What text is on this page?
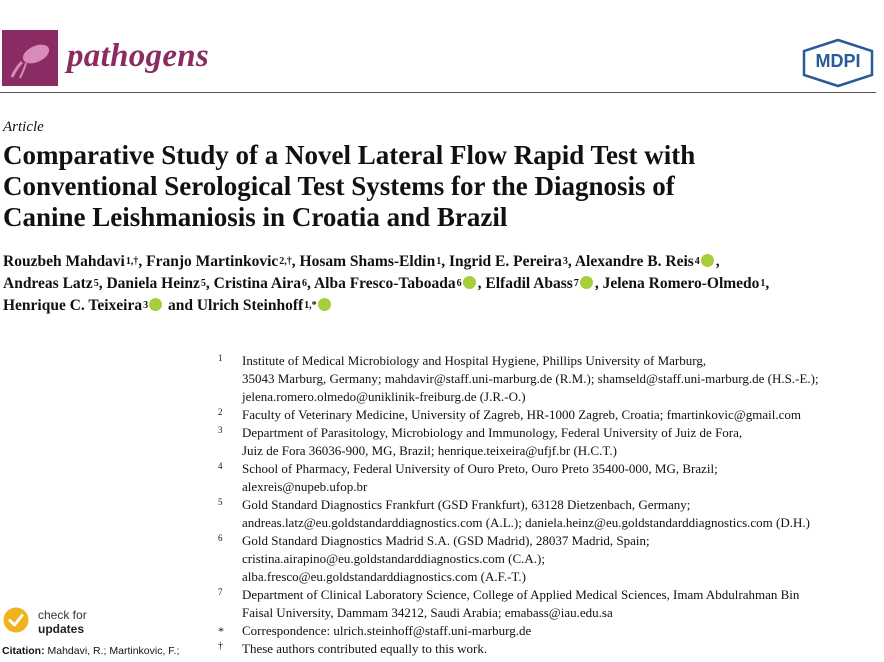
pathogens	MDPI
Article
Comparative Study of a Novel Lateral Flow Rapid Test with
Conventional Serological Test Systems for the Diagnosis of
Canine Leishmaniosis in Croatia and Brazil
Rouzbeh Mahdavi$^{1,\dagger}$, Franjo Martinkovic$^{2,\dagger}$, Hosam Shams-Eldin$^1$, Ingrid E. Pereira$^3$, Alexandre B. Reis$^4$ ,
Andreas Latz$^5$, Daniela Heinz$^5$, Cristina Aira$^6$, Alba Fresco-Taboada$^6$ , Elfadil Abass$^7$ , Jelena Romero-Olmedo$^1$,
Henrique C. Teixeira$^3$ and Ulrich Steinhoff$^{1,*}$
1	Institute of Medical Microbiology and Hospital Hygiene, Phillips University of Marburg,
35043 Marburg, Germany; mahdavir@staff.uni-marburg.de (R.M.); shamseld@staff.uni-marburg.de (H.S.-E.);
jelena.romero.olmedo@uniklinik-freiburg.de (J.R.-O.)
2	Faculty of Veterinary Medicine, University of Zagreb, HR-1000 Zagreb, Croatia; fmartinkovic@gmail.com
3	Department of Parasitology, Microbiology and Immunology, Federal University of Juiz de Fora,
Juiz de Fora 36036-900, MG, Brazil; henrique.teixeira@ufjf.br (H.C.T.)
4	School of Pharmacy, Federal University of Ouro Preto, Ouro Preto 35400-000, MG, Brazil;
alexreis@nupeb.ufop.br
5	Gold Standard Diagnostics Frankfurt (GSD Frankfurt), 63128 Dietzenbach, Germany;
andreas.latz@eu.goldstandarddiagnostics.com (A.L.); daniela.heinz@eu.goldstandarddiagnostics.com (D.H.)
6	Gold Standard Diagnostics Madrid S.A. (GSD Madrid), 28037 Madrid, Spain;
cristina.airapino@eu.goldstandarddiagnostics.com (C.A.);
alba.fresco@eu.goldstandarddiagnostics.com (A.F.-T.)
7	Department of Clinical Laboratory Science, College of Applied Medical Sciences, Imam Abdulrahman Bin
Faisal University, Dammam 34212, Saudi Arabia; emabass@iau.edu.sa
*	Correspondence: ulrich.steinhoff@staff.uni-marburg.de
†	These authors contributed equally to this work.
check for
updates
Citation: Mahdavi, R.; Martinkovic, F.;
